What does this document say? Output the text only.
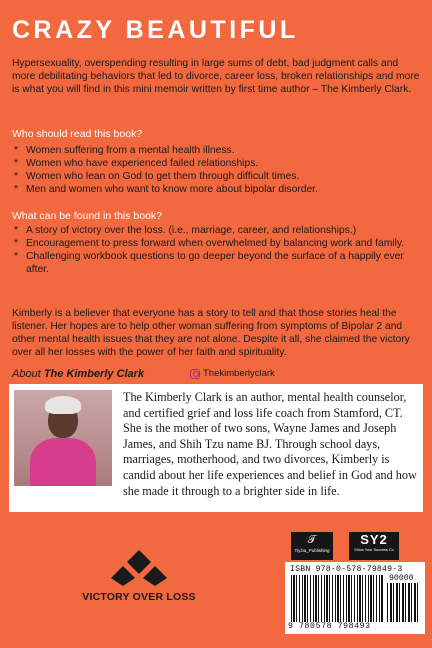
CRAZY BEAUTIFUL

Hypersexuality, overspending resulting in large sums of debt, bad judgment calls and more debilitating behaviors that led to divorce, career loss, broken relationships and more is what you will find in this mini memoir written by first time author – The Kimberly Clark.

Who should read this book?
* Women suffering from a mental health illness.
* Women who have experienced failed relationships.
* Women who lean on God to get them through difficult times.
* Men and women who want to know more about bipolar disorder.
What can be found in this book?
* A story of victory over the loss. (i.e., marriage, career, and relationships.)
* Encouragement to press forward when overwhelmed by balancing work and family.
* Challenging workbook questions to go deeper beyond the surface of a happily ever after.

Kimberly is a believer that everyone has a story to tell and that those stories heal the listener. Her hopes are to help other woman suffering from symptoms of Bipolar 2 and other mental health issues that they are not alone. Despite it all, she claimed the victory over all her losses with the power of her faith and spirituality.

About The Kimberly Clark	Thekimberlyclark
The Kimberly Clark is an author, mental health counselor, and certified grief and loss life coach from Stamford, CT. She is the mother of two sons, Wayne James and Joseph James, and Shih Tzu name BJ. Through school days, marriages, motherhood, and two divorces, Kimberly is candid about her life experiences and belief in God and how she made it through to a brighter side in life.
VICTORY OVER LOSS
𝒯
Tiy.ba_Publishing
SY2
Show Your Success Co
ISBN 978-0-578-79849-3
90000
9 780578 798493
